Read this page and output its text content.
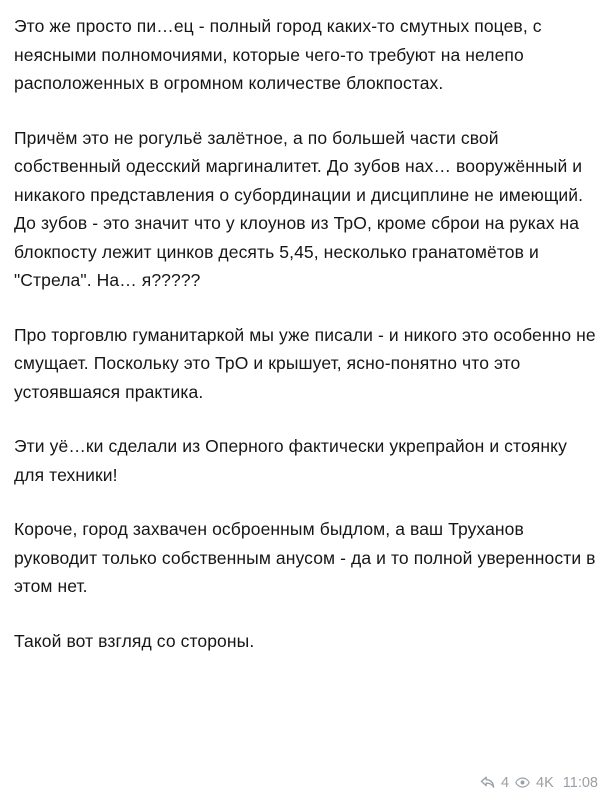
Это же просто пи…ец - полный город каких-то смутных поцев, с неясными полномочиями, которые чего-то требуют на нелепо расположенных в огромном количестве блокпостах.

Причём это не рогульё залётное, а по большей части свой собственный одесский маргиналитет. До зубов нах… вооружённый и никакого представления о субординации и дисциплине не имеющий. До зубов - это значит что у клоунов из ТрО, кроме сброи на руках на блокпосту лежит цинков десять 5,45, несколько гранатомётов и "Стрела". На… я?????

Про торговлю гуманитаркой мы уже писали - и никого это особенно не смущает. Поскольку это ТрО и крышует, ясно-понятно что это устоявшаяся практика.

Эти уё…ки сделали из Оперного фактически укрепрайон и стоянку для техники!

Короче, город захвачен осброенным быдлом, а ваш Труханов руководит только собственным анусом - да и то полной уверенности в этом нет.

Такой вот взгляд со стороны.

4 4K 11:08
